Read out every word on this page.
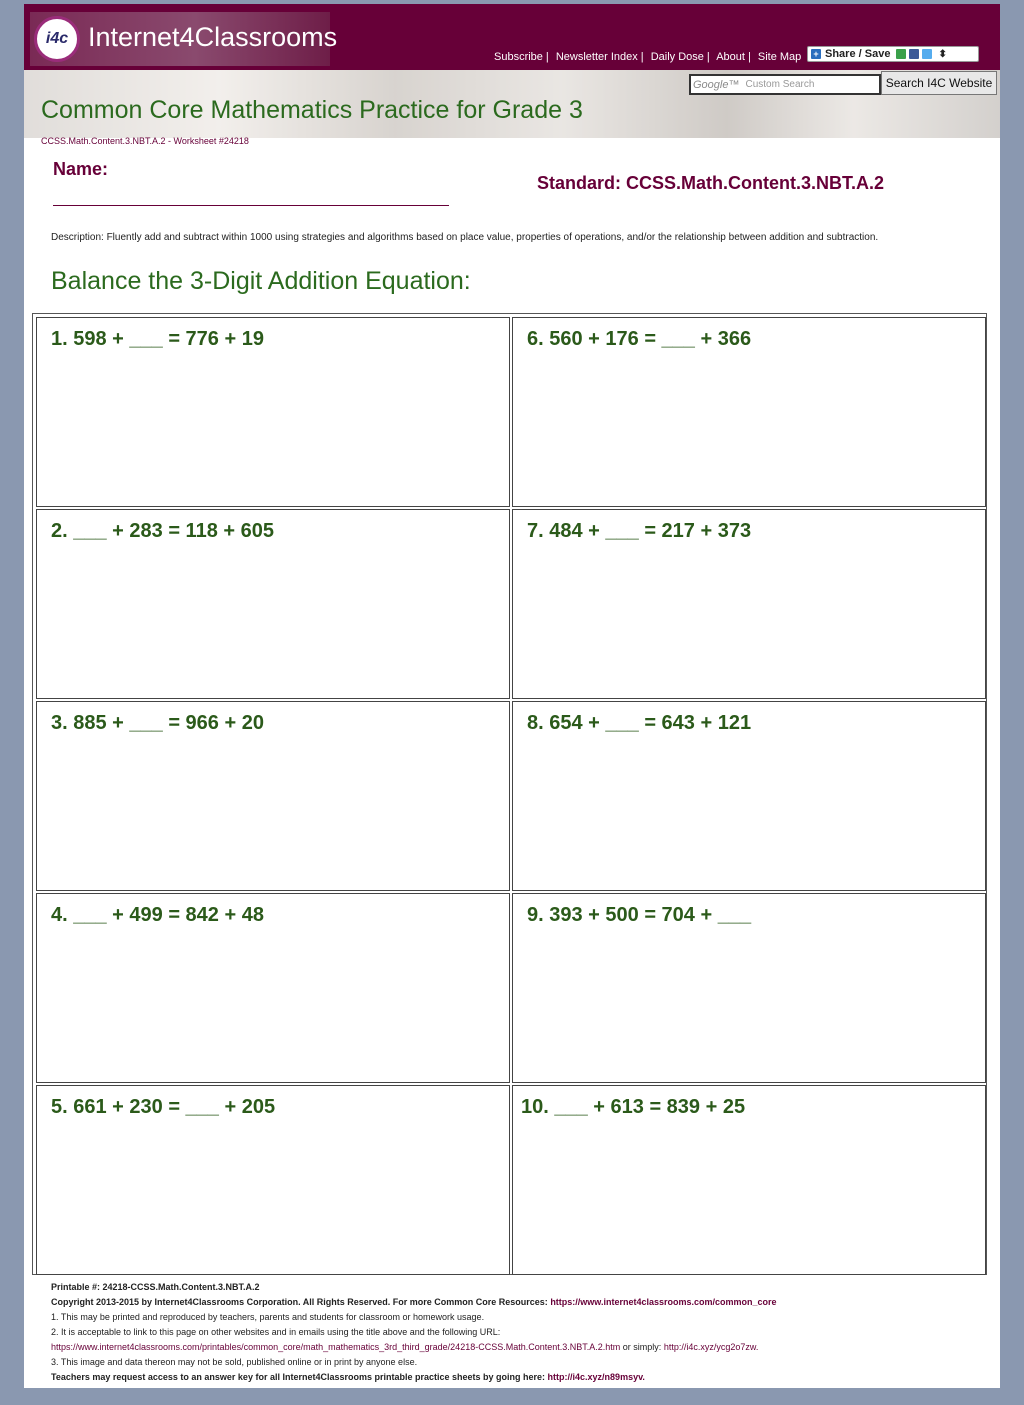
i4c Internet4Classrooms
Subscribe | Newsletter Index | Daily Dose | About | Site Map + Share / Save	⬍
Google™ Custom Search	Search I4C Website
Common Core Mathematics Practice for Grade 3
CCSS.Math.Content.3.NBT.A.2 - Worksheet #24218
Name:
Standard: CCSS.Math.Content.3.NBT.A.2
Description: Fluently add and subtract within 1000 using strategies and algorithms based on place value, properties of operations, and/or the relationship between addition and subtraction.
Balance the 3-Digit Addition Equation:
1. 598 + ___ = 776 + 19
2. ___ + 283 = 118 + 605
3. 885 + ___ = 966 + 20
4. ___ + 499 = 842 + 48
5. 661 + 230 = ___ + 205
6. 560 + 176 = ___ + 366
7. 484 + ___ = 217 + 373
8. 654 + ___ = 643 + 121
9. 393 + 500 = 704 + ___
10. ___ + 613 = 839 + 25
Printable #: 24218-CCSS.Math.Content.3.NBT.A.2
Copyright 2013-2015 by Internet4Classrooms Corporation. All Rights Reserved. For more Common Core Resources: https://www.internet4classrooms.com/common_core
1. This may be printed and reproduced by teachers, parents and students for classroom or homework usage.
2. It is acceptable to link to this page on other websites and in emails using the title above and the following URL:
https://www.internet4classrooms.com/printables/common_core/math_mathematics_3rd_third_grade/24218-CCSS.Math.Content.3.NBT.A.2.htm or simply: http://i4c.xyz/ycg2o7zw.
3. This image and data thereon may not be sold, published online or in print by anyone else.
Teachers may request access to an answer key for all Internet4Classrooms printable practice sheets by going here: http://i4c.xyz/n89msyv.
